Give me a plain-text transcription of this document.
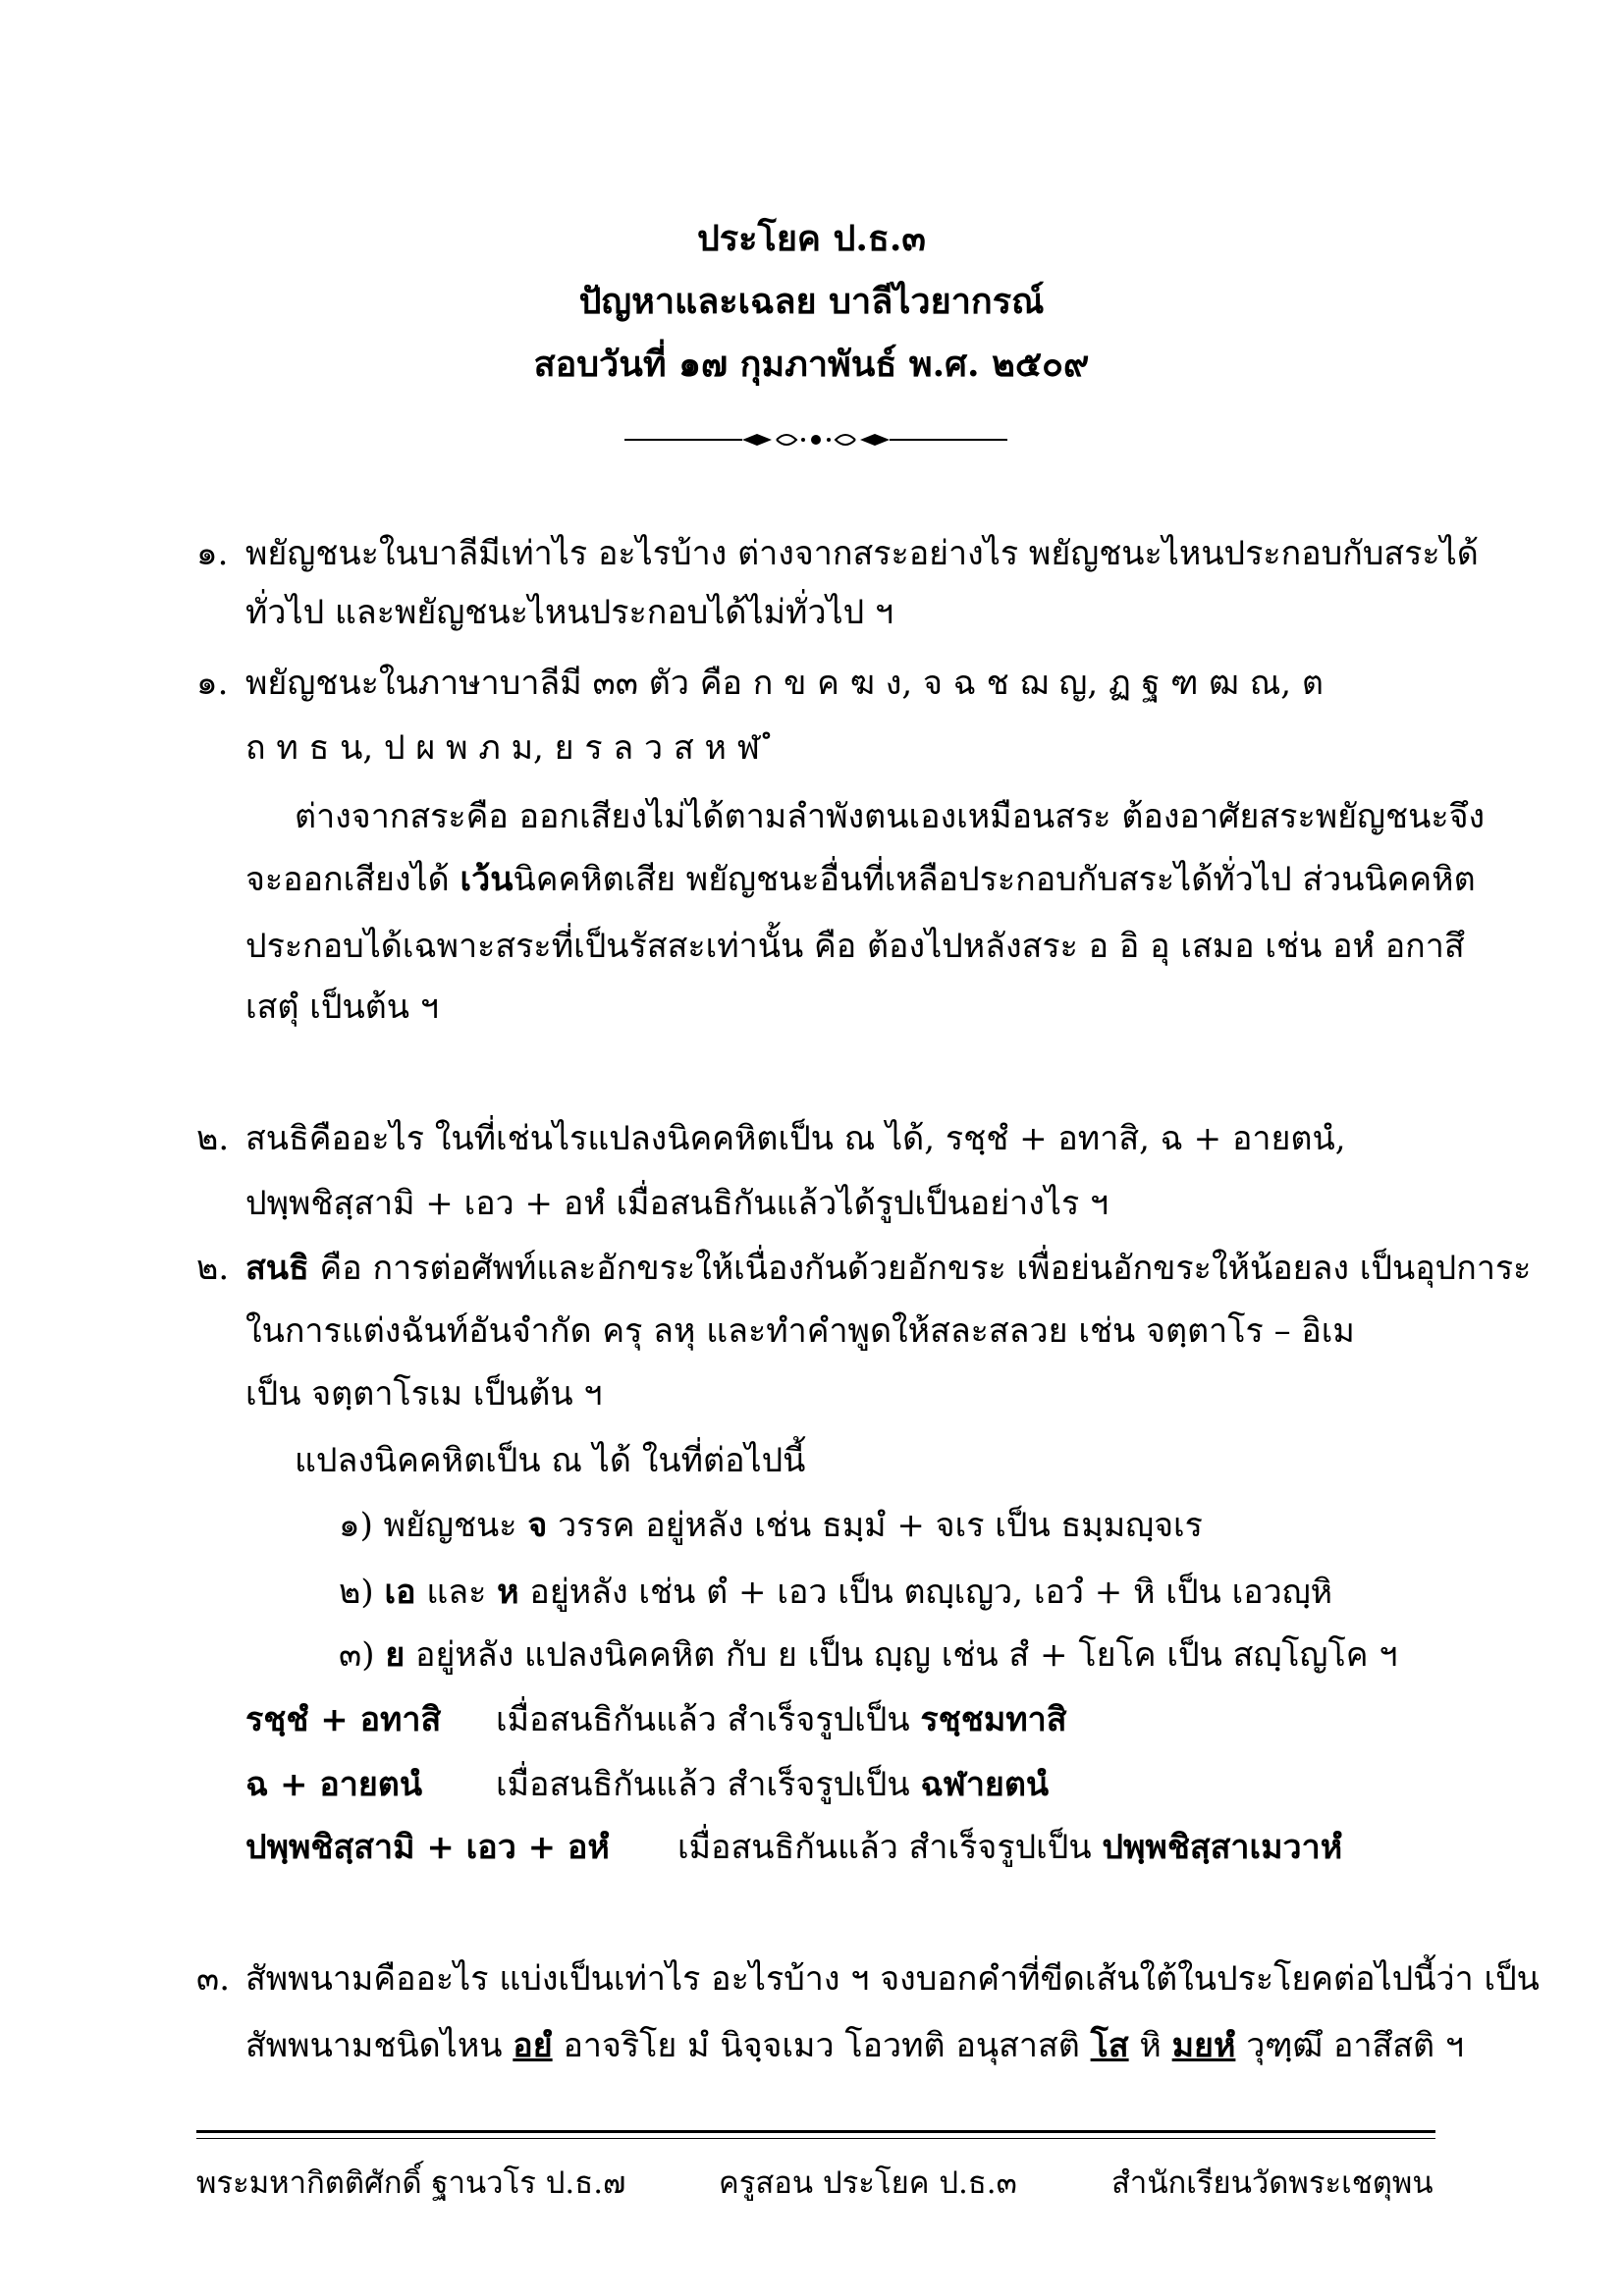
ประโยค ป.ธ.๓
ปัญหาและเฉลย บาลีไวยากรณ์
สอบวันที่ ๑๗ กุมภาพันธ์ พ.ศ. ๒๕๐๙
๑. พยัญชนะในบาลีมีเท่าไร อะไรบ้าง ต่างจากสระอย่างไร พยัญชนะไหนประกอบกับสระได้
ทั่วไป และพยัญชนะไหนประกอบได้ไม่ทั่วไป ฯ
๑. พยัญชนะในภาษาบาลีมี ๓๓ ตัว คือ ก ข ค ฆ ง, จ ฉ ช ฌ ญ, ฏ ฐ ฑ ฒ ณ, ต
ถ ท ธ น, ป ผ พ ภ ม, ย ร ล ว ส ห ฬ ํ
ต่างจากสระคือ ออกเสียงไม่ได้ตามลำพังตนเองเหมือนสระ ต้องอาศัยสระพยัญชนะจึง
จะออกเสียงได้ เว้นนิคคหิตเสีย พยัญชนะอื่นที่เหลือประกอบกับสระได้ทั่วไป ส่วนนิคคหิต
ประกอบได้เฉพาะสระที่เป็นรัสสะเท่านั้น คือ ต้องไปหลังสระ อ อิ อุ เสมอ เช่น อหํ อกาสึ
เสตุํ เป็นต้น ฯ
๒. สนธิคืออะไร ในที่เช่นไรแปลงนิคคหิตเป็น ณ ได้, รชฺชํ + อทาสิ, ฉ + อายตนํ,
ปพฺพชิสฺสามิ + เอว + อหํ เมื่อสนธิกันแล้วได้รูปเป็นอย่างไร ฯ
๒. สนธิ คือ การต่อศัพท์และอักขระให้เนื่องกันด้วยอักขระ เพื่อย่นอักขระให้น้อยลง เป็นอุปการะ
ในการแต่งฉันท์อันจำกัด ครุ ลหุ และทำคำพูดให้สละสลวย เช่น จตฺตาโร – อิเม
เป็น จตฺตาโรเม เป็นต้น ฯ
แปลงนิคคหิตเป็น ณ ได้ ในที่ต่อไปนี้
๑) พยัญชนะ จ วรรค อยู่หลัง เช่น ธมฺมํ + จเร เป็น ธมฺมญฺจเร
๒) เอ และ ห อยู่หลัง เช่น ตํ + เอว เป็น ตญฺเญว, เอวํ + หิ เป็น เอวญฺหิ
๓) ย อยู่หลัง แปลงนิคคหิต กับ ย เป็น ญฺญ เช่น สํ + โยโค เป็น สญฺโญโค ฯ
รชฺชํ + อทาสิ เมื่อสนธิกันแล้ว สำเร็จรูปเป็น รชฺชมทาสิ
ฉ + อายตนํ เมื่อสนธิกันแล้ว สำเร็จรูปเป็น ฉฬายตนํ
ปพฺพชิสฺสามิ + เอว + อหํ เมื่อสนธิกันแล้ว สำเร็จรูปเป็น ปพฺพชิสฺสาเมวาหํ
๓. สัพพนามคืออะไร แบ่งเป็นเท่าไร อะไรบ้าง ฯ จงบอกคำที่ขีดเส้นใต้ในประโยคต่อไปนี้ว่า เป็น
สัพพนามชนิดไหน อยํ อาจริโย มํ นิจฺจเมว โอวทติ อนุสาสติ โส หิ มยหํ วุฑฺฒึ อาสึสติ ฯ
พระมหากิตติศักดิ์ ฐานวโร ป.ธ.๗	ครูสอน ประโยค ป.ธ.๓	สำนักเรียนวัดพระเชตุพน
